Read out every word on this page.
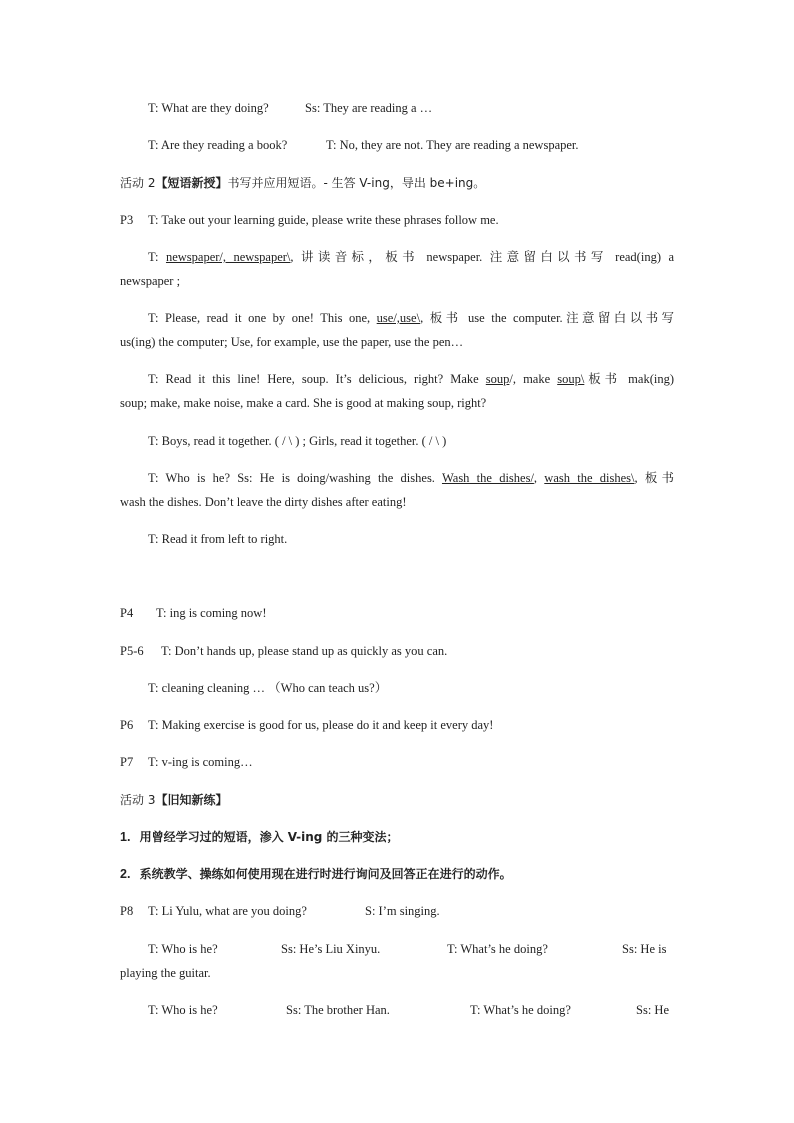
T: What are they doing?	Ss: They are reading a …
T: Are they reading a book?	T: No, they are not. They are reading a newspaper.
活动 2【短语新授】书写并应用短语。- 生答 V-ing，导出 be+ing。
P3 T: Take out your learning guide, please write these phrases follow me.
T: newspaper/, newspaper\, 讲读音标，板书 newspaper. 注意留白以书写 read(ing) a
newspaper ;
T: Please, read it one by one! This one, use/,use\, 板书 use the computer.注意留白以书写
us(ing) the computer; Use, for example, use the paper, use the pen…
T: Read it this line! Here, soup. It’s delicious, right? Make soup/, make soup\板书 mak(ing)
soup; make, make noise, make a card. She is good at making soup, right?
T: Boys, read it together. ( / \ ) ; Girls, read it together. ( / \ )
T: Who is he? Ss: He is doing/washing the dishes. Wash the dishes/, wash the dishes\, 板书
wash the dishes. Don’t leave the dirty dishes after eating!
T: Read it from left to right.
P4 T: ing is coming now!
P5-6 T: Don’t hands up, please stand up as quickly as you can.
T: cleaning cleaning … （Who can teach us?）
P6 T: Making exercise is good for us, please do it and keep it every day!
P7 T: v-ing is coming…
活动 3【旧知新练】
1. 用曾经学习过的短语，渗入 V-ing 的三种变法；
2. 系统教学、操练如何使用现在进行时进行询问及回答正在进行的动作。
P8 T: Li Yulu, what are you doing?	S: I’m singing.
T: Who is he?	Ss: He’s Liu Xinyu.	T: What’s he doing?	Ss: He is
playing the guitar.
T: Who is he?	Ss: The brother Han.	T: What’s he doing?	Ss: He
